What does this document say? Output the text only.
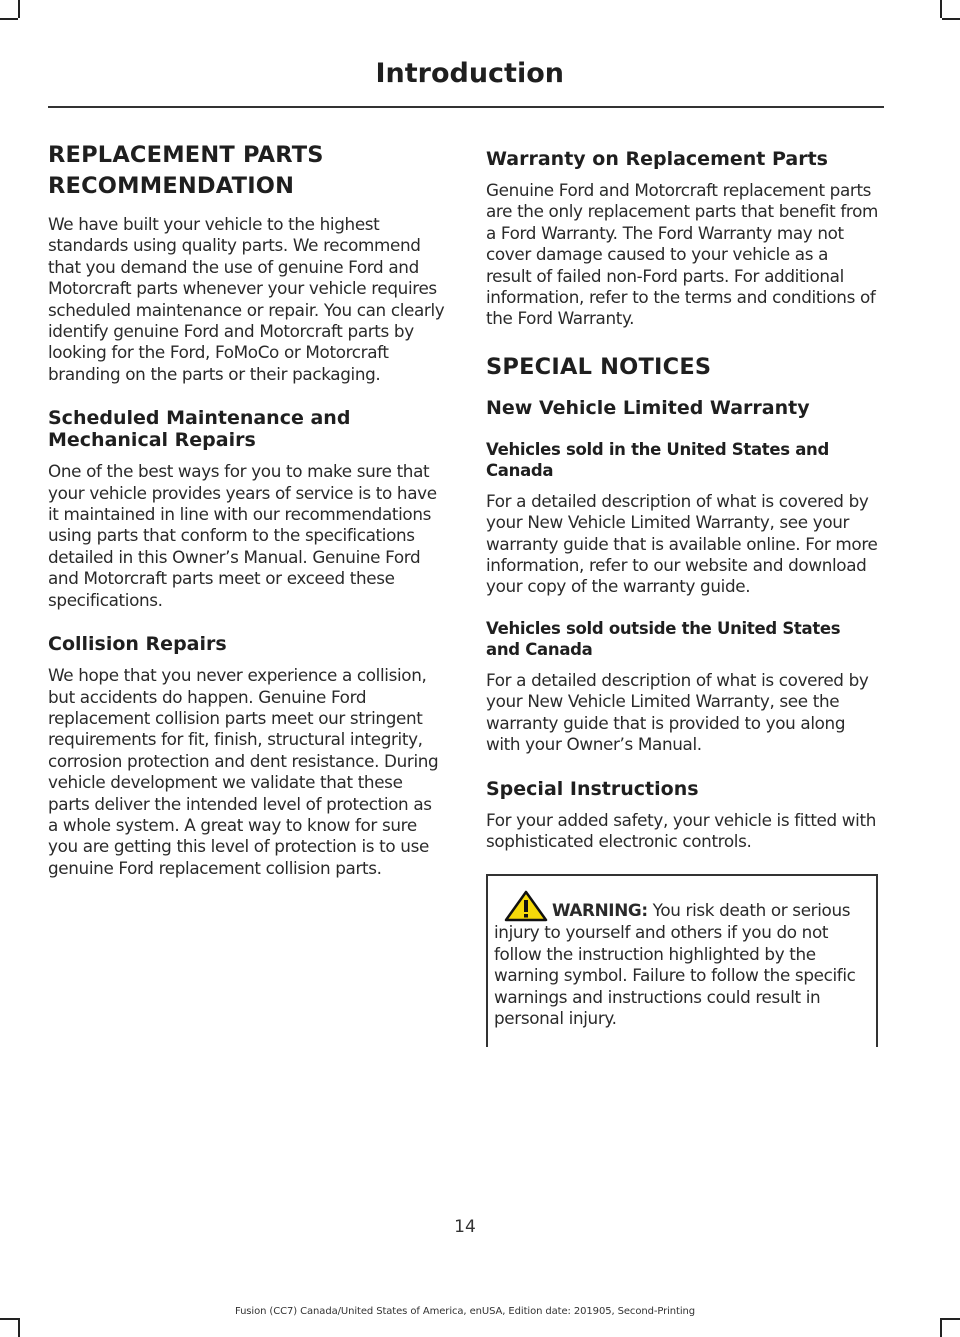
Introduction
REPLACEMENT PARTS RECOMMENDATION

We have built your vehicle to the highest standards using quality parts. We recommend that you demand the use of genuine Ford and Motorcraft parts whenever your vehicle requires scheduled maintenance or repair. You can clearly identify genuine Ford and Motorcraft parts by looking for the Ford, FoMoCo or Motorcraft branding on the parts or their packaging.

Scheduled Maintenance and Mechanical Repairs

One of the best ways for you to make sure that your vehicle provides years of service is to have it maintained in line with our recommendations using parts that conform to the specifications detailed in this Owner’s Manual. Genuine Ford and Motorcraft parts meet or exceed these specifications.

Collision Repairs

We hope that you never experience a collision, but accidents do happen. Genuine Ford replacement collision parts meet our stringent requirements for fit, finish, structural integrity, corrosion protection and dent resistance. During vehicle development we validate that these parts deliver the intended level of protection as a whole system. A great way to know for sure you are getting this level of protection is to use genuine Ford replacement collision parts.

Warranty on Replacement Parts

Genuine Ford and Motorcraft replacement parts are the only replacement parts that benefit from a Ford Warranty. The Ford Warranty may not cover damage caused to your vehicle as a result of failed non-Ford parts. For additional information, refer to the terms and conditions of the Ford Warranty.

SPECIAL NOTICES
New Vehicle Limited Warranty
Vehicles sold in the United States and Canada

For a detailed description of what is covered by your New Vehicle Limited Warranty, see your warranty guide that is available online. For more information, refer to our website and download your copy of the warranty guide.

Vehicles sold outside the United States and Canada

For a detailed description of what is covered by your New Vehicle Limited Warranty, see the warranty guide that is provided to you along with your Owner’s Manual.

Special Instructions

For your added safety, your vehicle is fitted with sophisticated electronic controls.

WARNING: You risk death or serious injury to yourself and others if you do not follow the instruction highlighted by the warning symbol. Failure to follow the specific warnings and instructions could result in personal injury.

14
Fusion (CC7) Canada/United States of America, enUSA, Edition date: 201905, Second-Printing
